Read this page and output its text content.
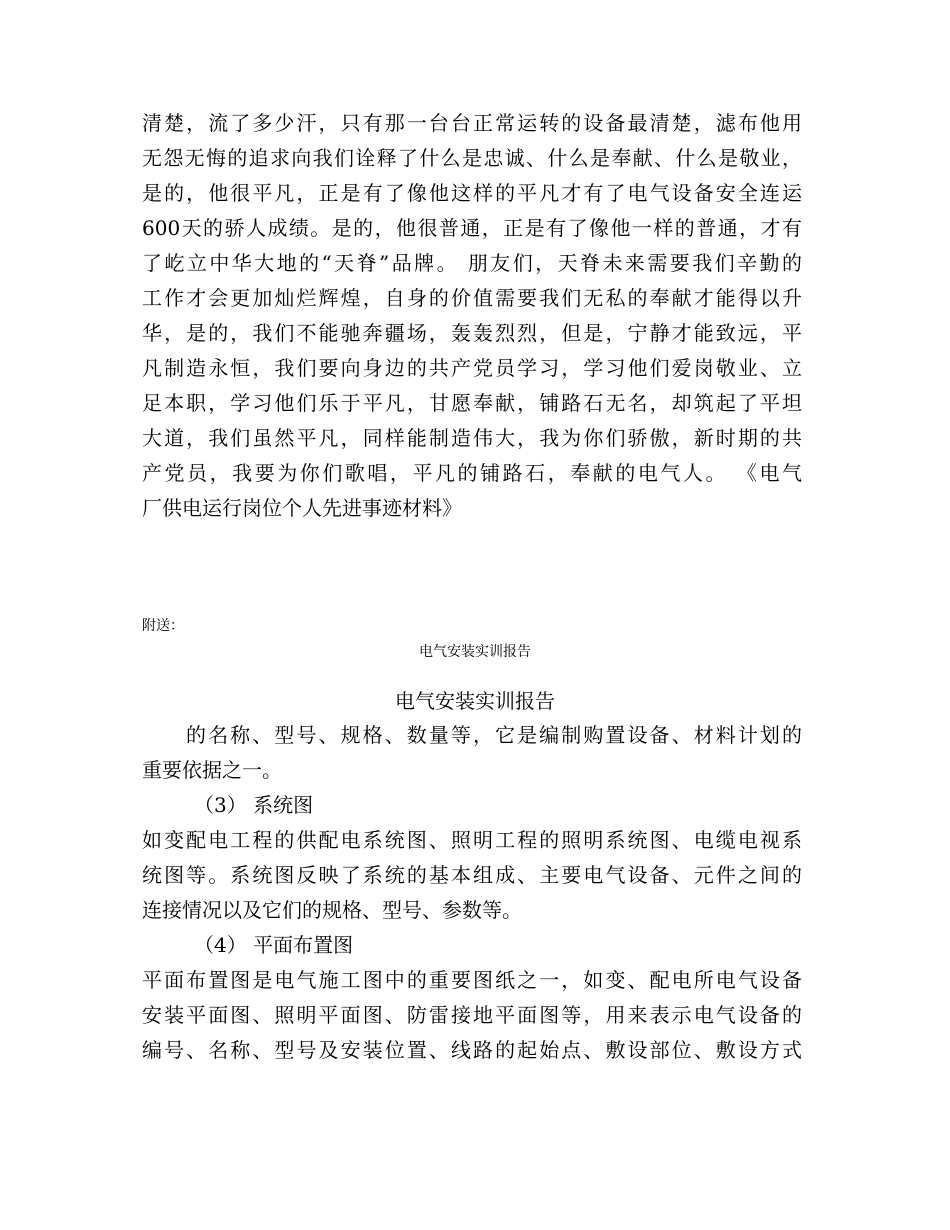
清楚，流了多少汗，只有那一台台正常运转的设备最清楚，滤布他用
无怨无悔的追求向我们诠释了什么是忠诚、什么是奉献、什么是敬业，
是的，他很平凡，正是有了像他这样的平凡才有了电气设备安全连运
600天的骄人成绩。是的，他很普通，正是有了像他一样的普通，才有
了屹立中华大地的“天脊”品牌。 朋友们，天脊未来需要我们辛勤的
工作才会更加灿烂辉煌，自身的价值需要我们无私的奉献才能得以升
华，是的，我们不能驰奔疆场，轰轰烈烈，但是，宁静才能致远，平
凡制造永恒，我们要向身边的共产党员学习，学习他们爱岗敬业、立
足本职，学习他们乐于平凡，甘愿奉献，铺路石无名，却筑起了平坦
大道，我们虽然平凡，同样能制造伟大，我为你们骄傲，新时期的共
产党员，我要为你们歌唱，平凡的铺路石，奉献的电气人。 《电气
厂供电运行岗位个人先进事迹材料》
附送：
电气安装实训报告
电气安装实训报告
的名称、型号、规格、数量等，它是编制购置设备、材料计划的
重要依据之一。
（3） 系统图
如变配电工程的供配电系统图、照明工程的照明系统图、电缆电视系
统图等。系统图反映了系统的基本组成、主要电气设备、元件之间的
连接情况以及它们的规格、型号、参数等。
（4） 平面布置图
平面布置图是电气施工图中的重要图纸之一，如变、配电所电气设备
安装平面图、照明平面图、防雷接地平面图等，用来表示电气设备的
编号、名称、型号及安装位置、线路的起始点、敷设部位、敷设方式
